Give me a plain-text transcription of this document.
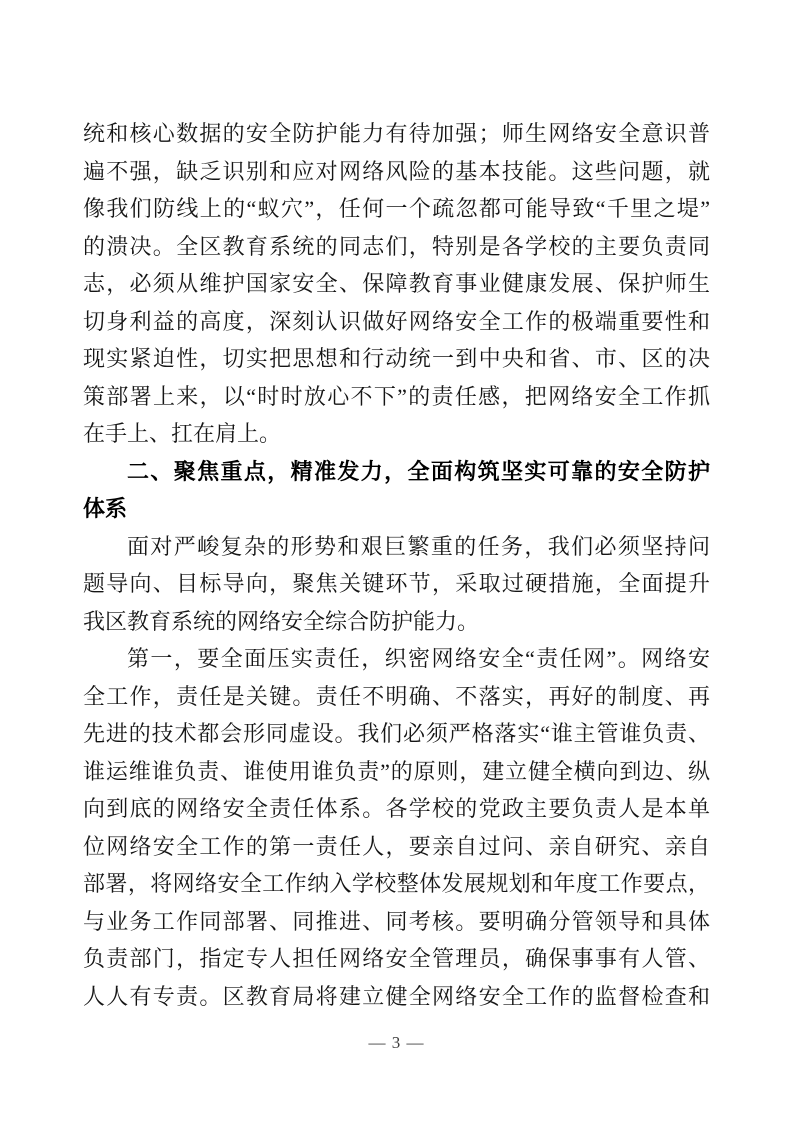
统和核心数据的安全防护能力有待加强；师生网络安全意识普
遍不强，缺乏识别和应对网络风险的基本技能。这些问题，就
像我们防线上的“蚁穴”，任何一个疏忽都可能导致“千里之堤”
的溃决。全区教育系统的同志们，特别是各学校的主要负责同
志，必须从维护国家安全、保障教育事业健康发展、保护师生
切身利益的高度，深刻认识做好网络安全工作的极端重要性和
现实紧迫性，切实把思想和行动统一到中央和省、市、区的决
策部署上来，以“时时放心不下”的责任感，把网络安全工作抓
在手上、扛在肩上。
二、聚焦重点，精准发力，全面构筑坚实可靠的安全防护
体系
面对严峻复杂的形势和艰巨繁重的任务，我们必须坚持问
题导向、目标导向，聚焦关键环节，采取过硬措施，全面提升
我区教育系统的网络安全综合防护能力。
第一，要全面压实责任，织密网络安全“责任网”。网络安
全工作，责任是关键。责任不明确、不落实，再好的制度、再
先进的技术都会形同虚设。我们必须严格落实“谁主管谁负责、
谁运维谁负责、谁使用谁负责”的原则，建立健全横向到边、纵
向到底的网络安全责任体系。各学校的党政主要负责人是本单
位网络安全工作的第一责任人，要亲自过问、亲自研究、亲自
部署，将网络安全工作纳入学校整体发展规划和年度工作要点，
与业务工作同部署、同推进、同考核。要明确分管领导和具体
负责部门，指定专人担任网络安全管理员，确保事事有人管、
人人有专责。区教育局将建立健全网络安全工作的监督检查和
— 3 —
